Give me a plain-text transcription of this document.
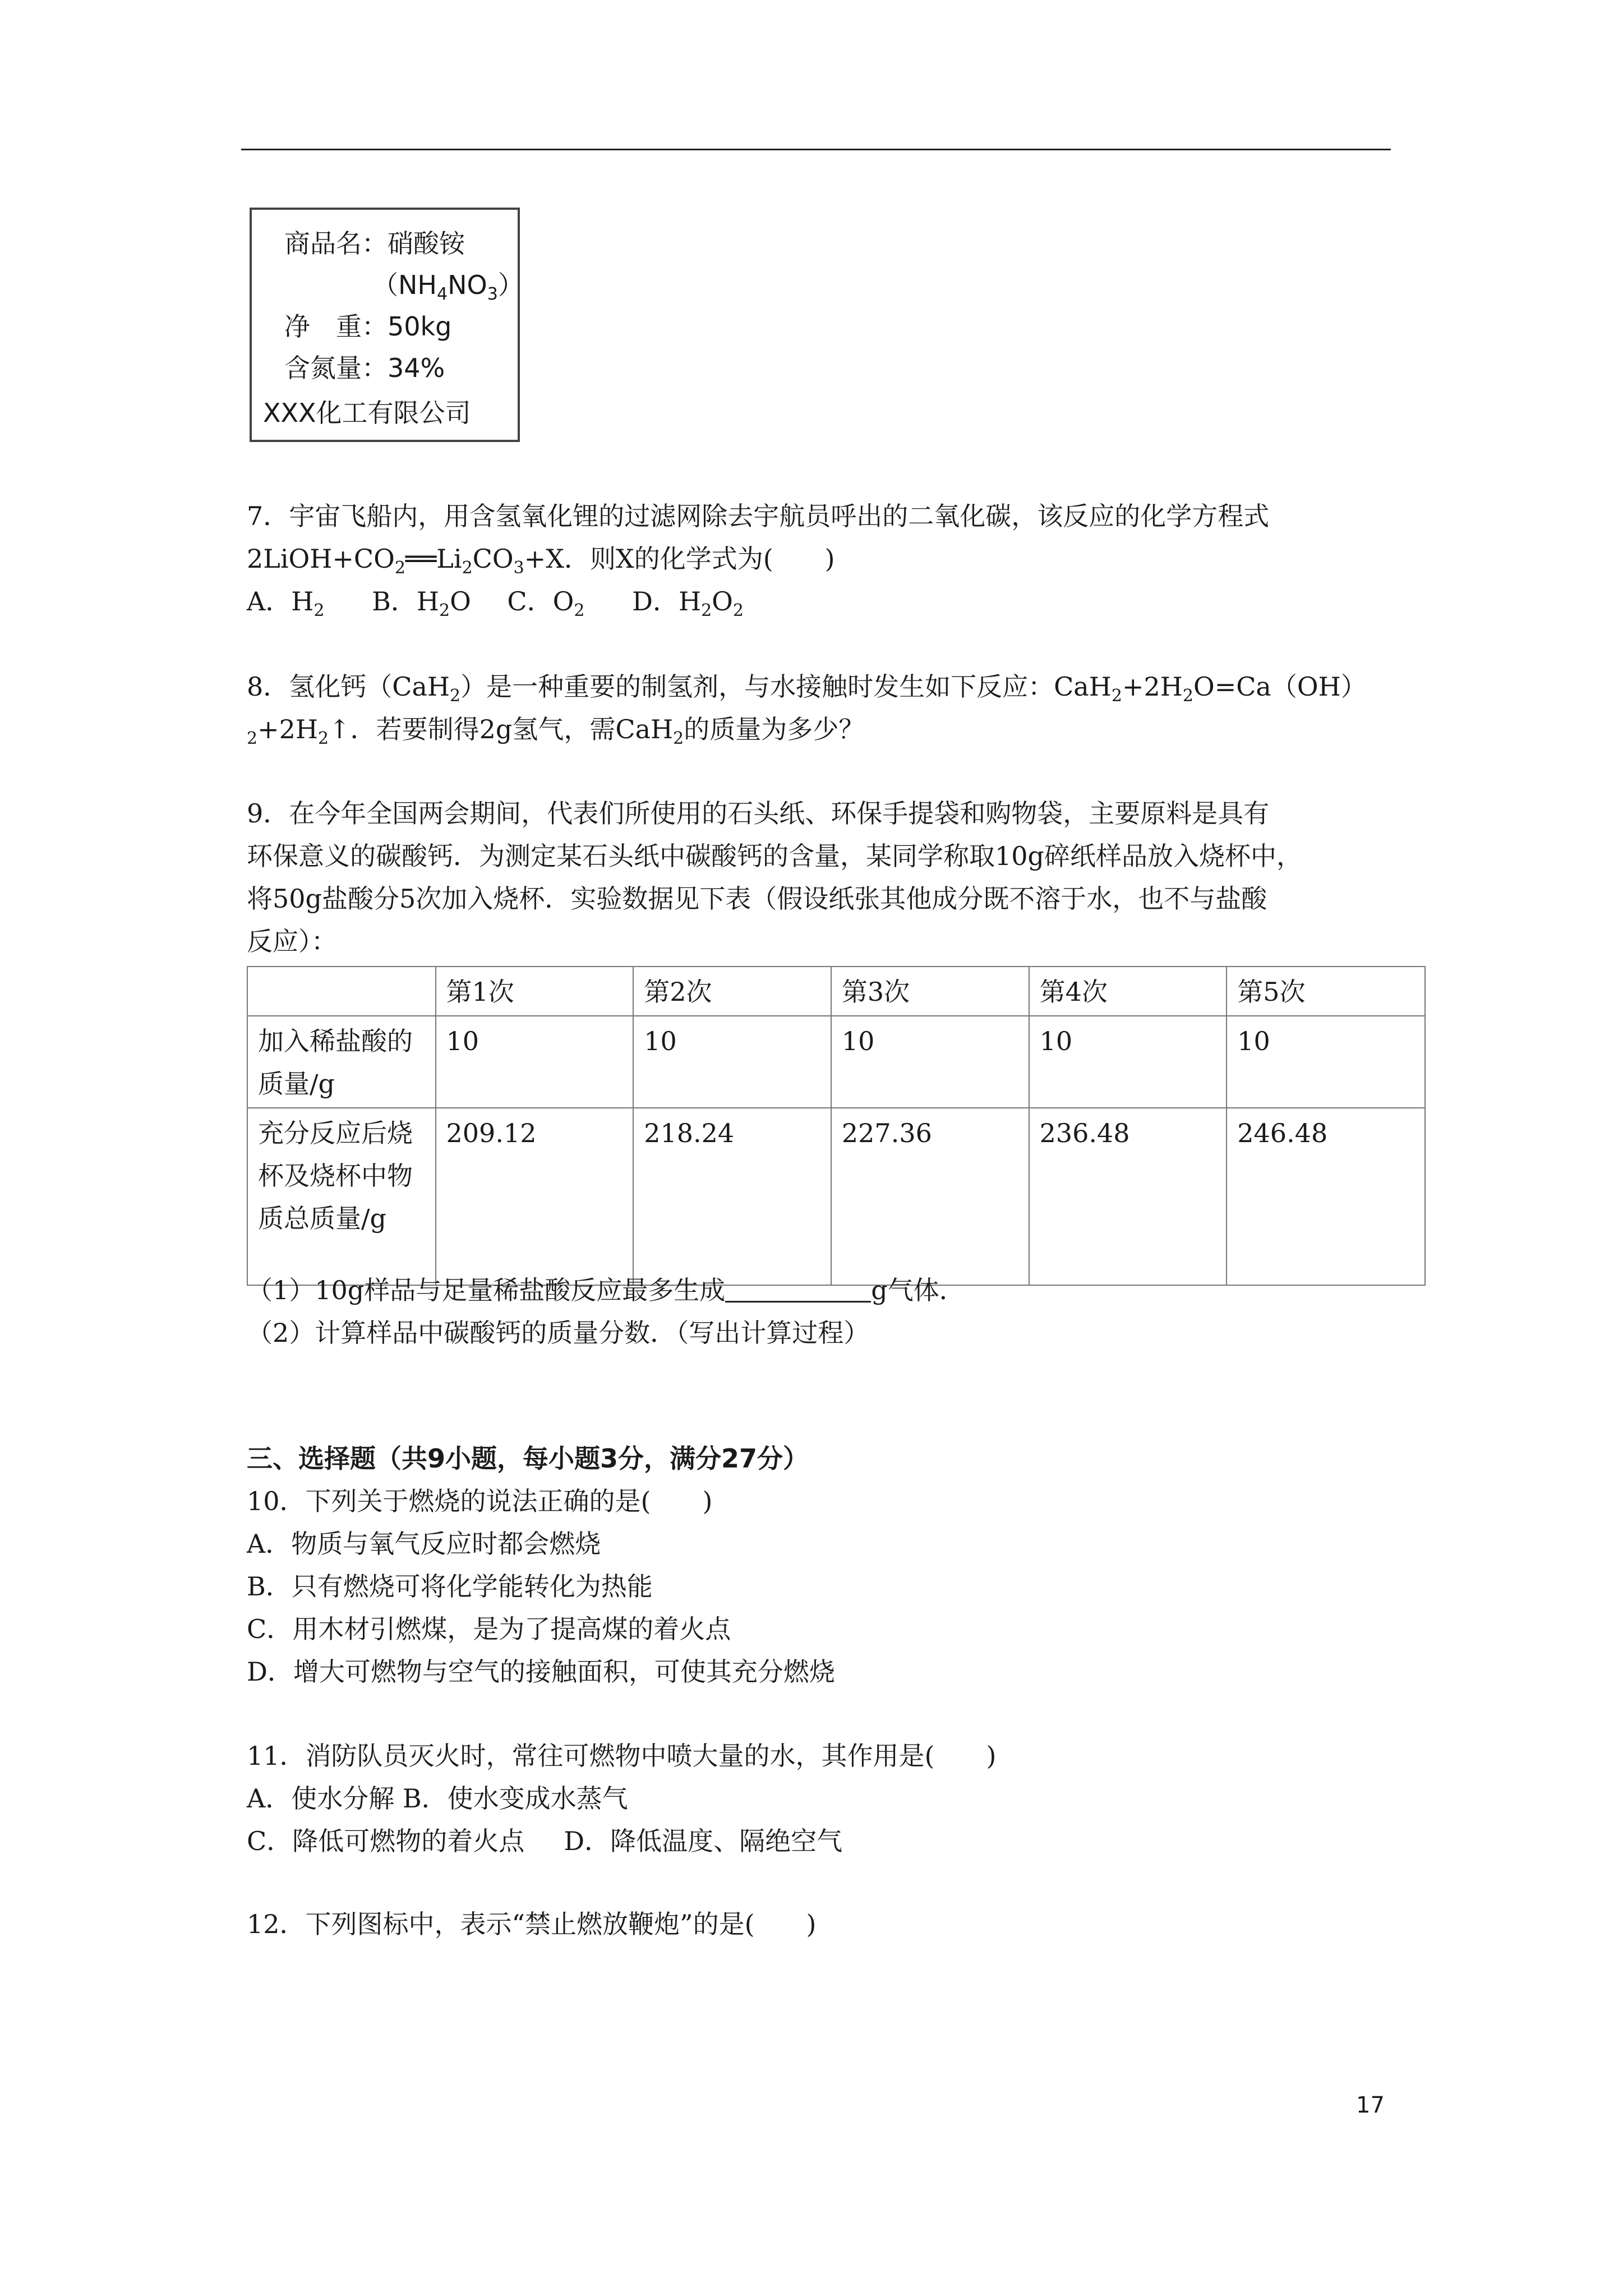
商品名：硝酸铵
$(NH_4NO_3)$
净　重：50kg
含氮量：34%
XXX化工有限公司
7．宇宙飞船内，用含氢氧化锂的过滤网除去宇航员呼出的二氧化碳，该反应的化学方程式
$2LiOH+CO_2══Li_2CO_3+X$．则X的化学式为(　　)
A．$H_2$ B．$H_2O$ C．$O_2$ D．$H_2O_2$
8．氢化钙（CaH$_2$）是一种重要的制氢剂，与水接触时发生如下反应：$CaH_2+2H_2O=Ca(OH)$
$_2+2H_2↑$．若要制得2g氢气，需CaH$_2$的质量为多少？
9．在今年全国两会期间，代表们所使用的石头纸、环保手提袋和购物袋，主要原料是具有
环保意义的碳酸钙．为测定某石头纸中碳酸钙的含量，某同学称取10g碎纸样品放入烧杯中，
将50g盐酸分5次加入烧杯．实验数据见下表（假设纸张其他成分既不溶于水，也不与盐酸
反应）：
	第1次	第2次	第3次	第4次	第5次
加入稀盐酸的质量/g	10	10	10	10	10
充分反应后烧杯及烧杯中物质总质量/g	209.12	218.24	227.36	236.48	246.48
（1）10g样品与足量稀盐酸反应最多生成	g气体．
（2）计算样品中碳酸钙的质量分数．（写出计算过程）
三、选择题（共9小题，每小题3分，满分27分）
10．下列关于燃烧的说法正确的是(　　)
A．物质与氧气反应时都会燃烧
B．只有燃烧可将化学能转化为热能
C．用木材引燃煤，是为了提高煤的着火点
D．增大可燃物与空气的接触面积，可使其充分燃烧
11．消防队员灭火时，常往可燃物中喷大量的水，其作用是(　　)
A．使水分解 B．使水变成水蒸气
C．降低可燃物的着火点 D．降低温度、隔绝空气
12．下列图标中，表示“禁止燃放鞭炮”的是(　　)
17
